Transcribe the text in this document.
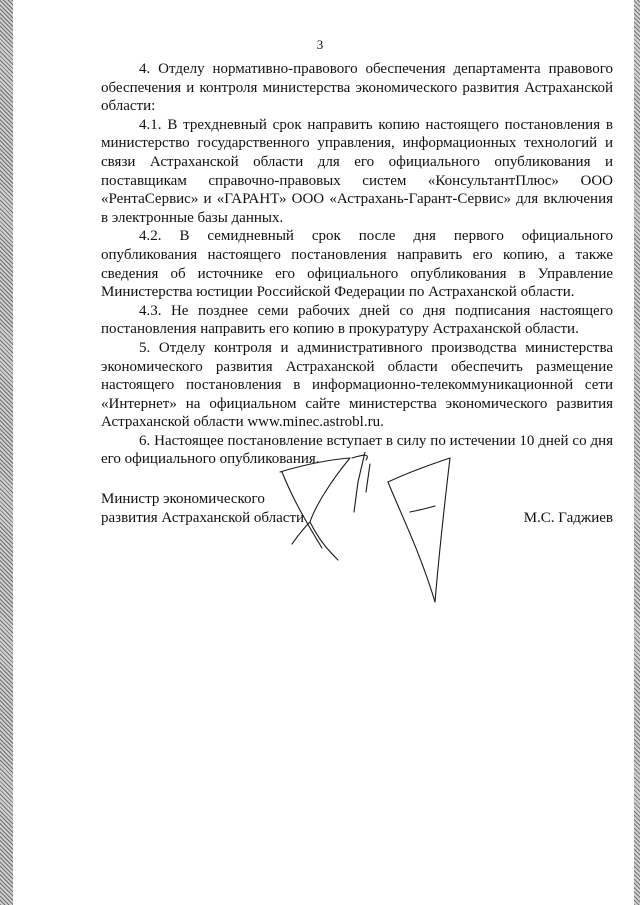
3

4. Отделу нормативно-правового обеспечения департамента правового обеспечения и контроля министерства экономического развития Астраханской области:

4.1. В трехдневный срок направить копию настоящего постановления в министерство государственного управления, информационных технологий и связи Астраханской области для его официального опубликования и поставщикам справочно-правовых систем «КонсультантПлюс» ООО «РентаСервис» и «ГАРАНТ» ООО «Астрахань-Гарант-Сервис» для включения в электронные базы данных.

4.2. В семидневный срок после дня первого официального опубликования настоящего постановления направить его копию, а также сведения об источнике его официального опубликования в Управление Министерства юстиции Российской Федерации по Астраханской области.

4.3. Не позднее семи рабочих дней со дня подписания настоящего постановления направить его копию в прокуратуру Астраханской области.

5. Отделу контроля и административного производства министерства экономического развития Астраханской области обеспечить размещение настоящего постановления в информационно-телекоммуникационной сети «Интернет» на официальном сайте министерства экономического развития Астраханской области www.minec.astrobl.ru.

6. Настоящее постановление вступает в силу по истечении 10 дней со дня его официального опубликования.

Министр экономического
развития Астраханской области	М.С. Гаджиев
